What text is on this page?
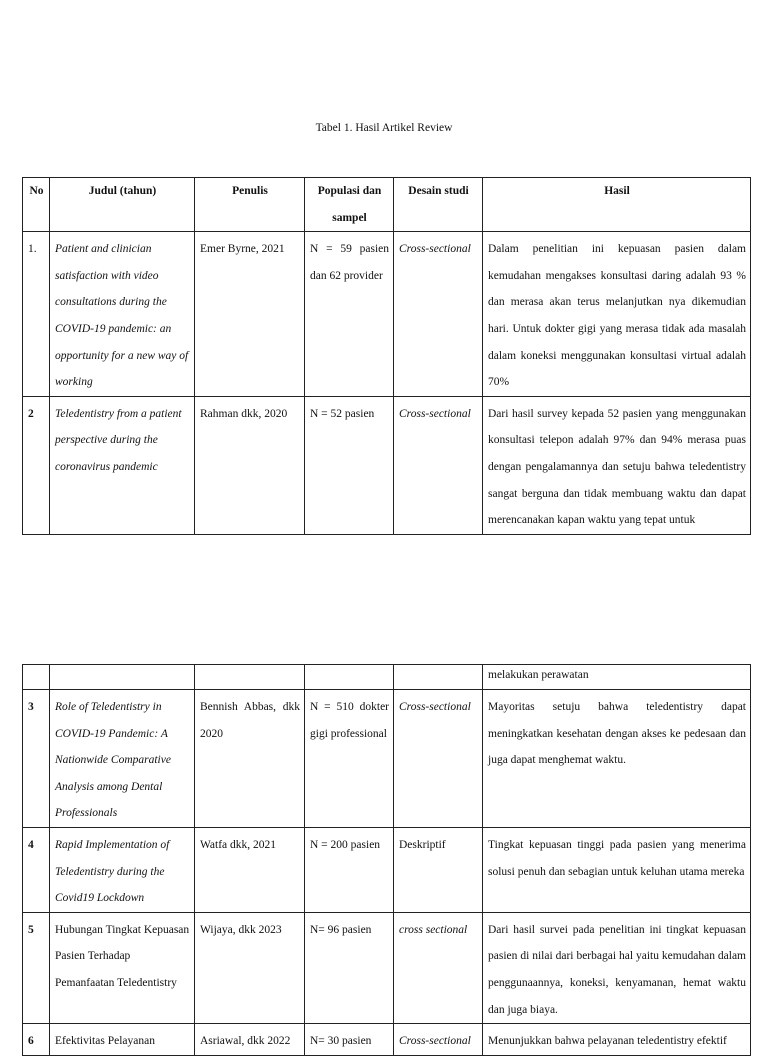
Tabel 1. Hasil Artikel Review
No	Judul (tahun)	Penulis	Populasi dan sampel	Desain studi	Hasil
1.	Patient and clinician satisfaction with video consultations during the COVID-19 pandemic: an opportunity for a new way of working	Emer Byrne, 2021	N = 59 pasien dan 62 provider	Cross-sectional	Dalam penelitian ini kepuasan pasien dalam kemudahan mengakses konsultasi daring adalah 93 % dan merasa akan terus melanjutkan nya dikemudian hari. Untuk dokter gigi yang merasa tidak ada masalah dalam koneksi menggunakan konsultasi virtual adalah 70%
2	Teledentistry from a patient perspective during the coronavirus pandemic	Rahman dkk, 2020	N = 52 pasien	Cross-sectional	Dari hasil survey kepada 52 pasien yang menggunakan konsultasi telepon adalah 97% dan 94% merasa puas dengan pengalamannya dan setuju bahwa teledentistry sangat berguna dan tidak membuang waktu dan dapat merencanakan kapan waktu yang tepat untuk
					melakukan perawatan
3	Role of Teledentistry in COVID-19 Pandemic: A Nationwide Comparative Analysis among Dental Professionals	Bennish Abbas, dkk 2020	N = 510 dokter gigi professional	Cross-sectional	Mayoritas setuju bahwa teledentistry dapat meningkatkan kesehatan dengan akses ke pedesaan dan juga dapat menghemat waktu.
4	Rapid Implementation of Teledentistry during the Covid19 Lockdown	Watfa dkk, 2021	N = 200 pasien	Deskriptif	Tingkat kepuasan tinggi pada pasien yang menerima solusi penuh dan sebagian untuk keluhan utama mereka
5	Hubungan Tingkat Kepuasan Pasien Terhadap Pemanfaatan Teledentistry	Wijaya, dkk 2023	N= 96 pasien	cross sectional	Dari hasil survei pada penelitian ini tingkat kepuasan pasien di nilai dari berbagai hal yaitu kemudahan dalam penggunaannya, koneksi, kenyamanan, hemat waktu dan juga biaya.
6	Efektivitas Pelayanan	Asriawal, dkk 2022	N= 30 pasien	Cross-sectional	Menunjukkan bahwa pelayanan teledentistry efektif
